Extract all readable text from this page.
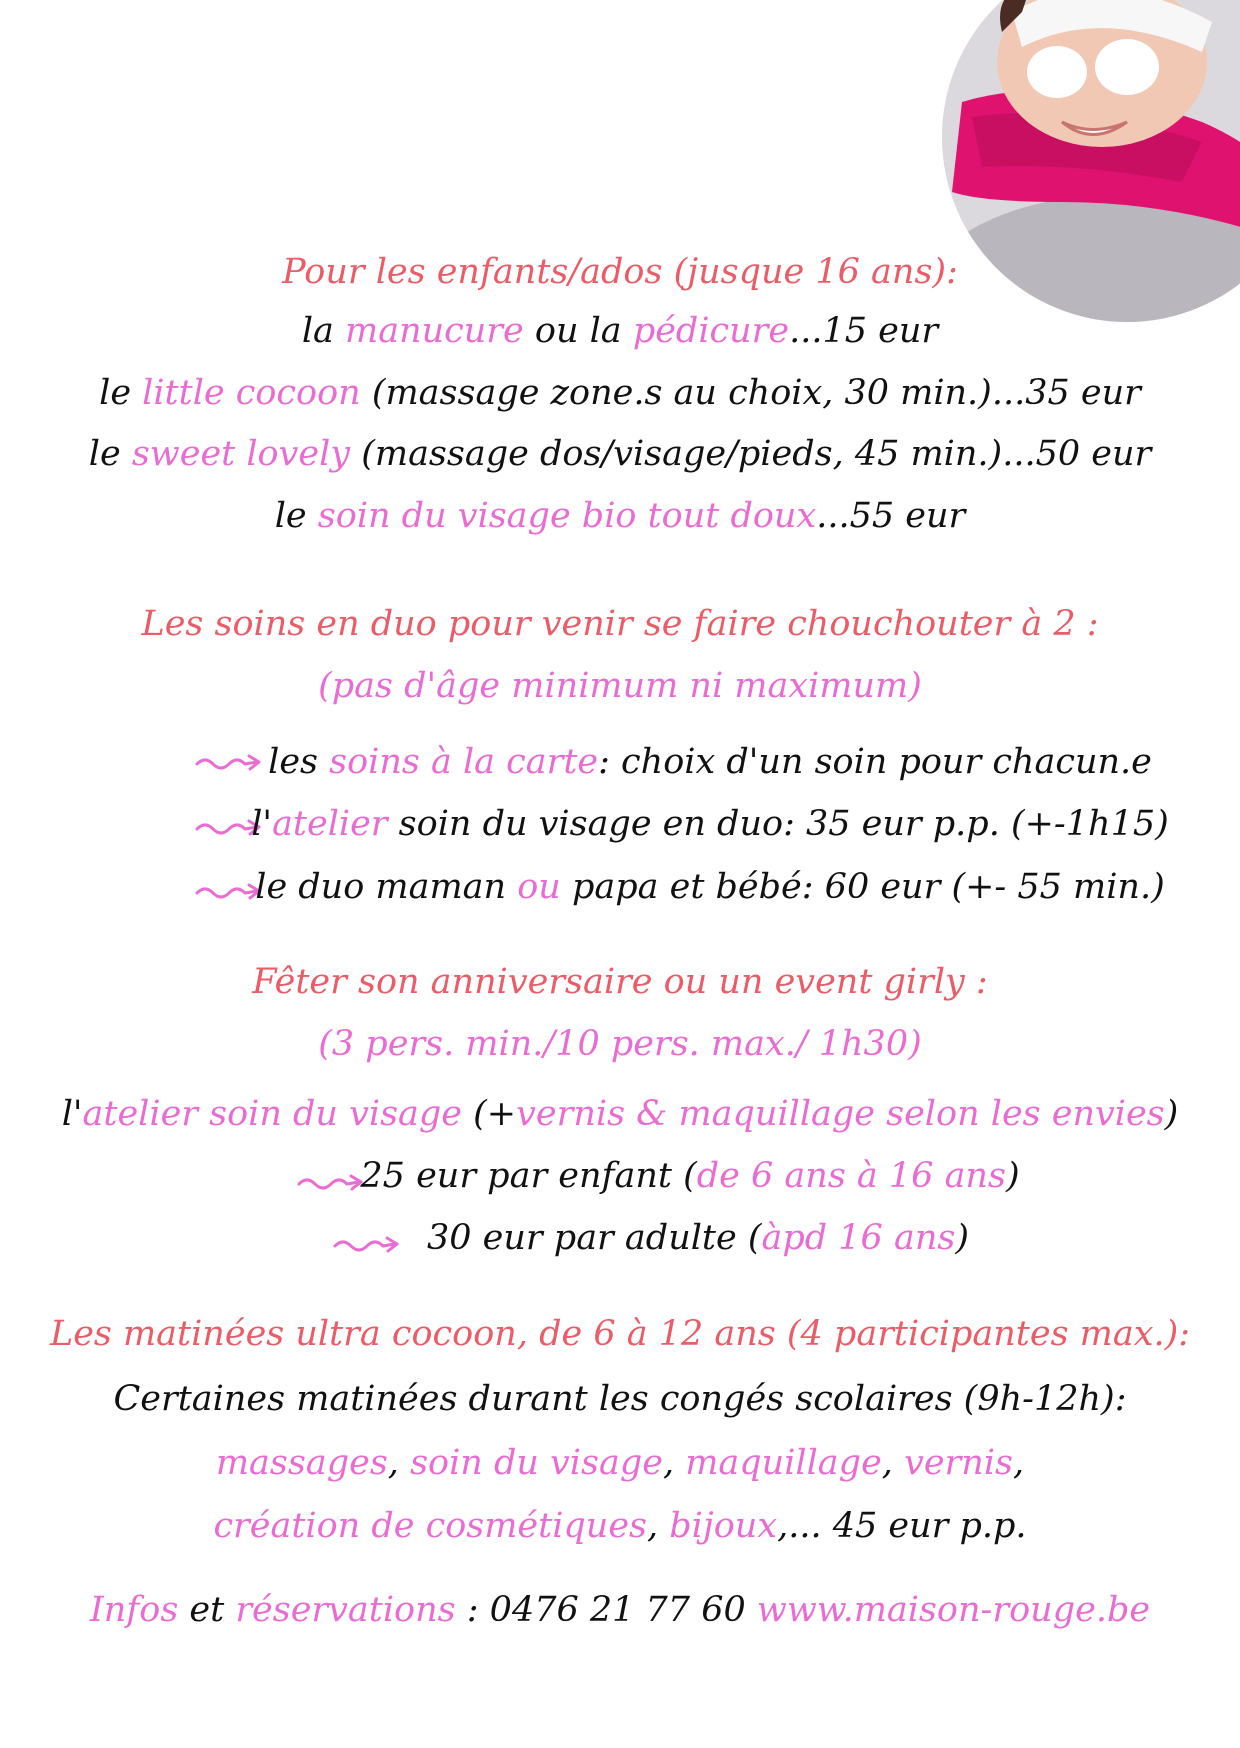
Pour les enfants/ados (jusque 16 ans):
la manucure ou la pédicure...15 eur
le little cocoon (massage zone.s au choix, 30 min.)...35 eur
le sweet lovely (massage dos/visage/pieds, 45 min.)...50 eur
le soin du visage bio tout doux...55 eur
Les soins en duo pour venir se faire chouchouter à 2 :
(pas d'âge minimum ni maximum)
les soins à la carte: choix d'un soin pour chacun.e
l'atelier soin du visage en duo: 35 eur p.p. (+-1h15)
le duo maman ou papa et bébé: 60 eur (+- 55 min.)
Fêter son anniversaire ou un event girly :
(3 pers. min./10 pers. max./ 1h30)
l'atelier soin du visage (+vernis & maquillage selon les envies)
25 eur par enfant (de 6 ans à 16 ans)
30 eur par adulte (àpd 16 ans)
Les matinées ultra cocoon, de 6 à 12 ans (4 participantes max.):
Certaines matinées durant les congés scolaires (9h-12h):
massages, soin du visage, maquillage, vernis,
création de cosmétiques, bijoux,... 45 eur p.p.
Infos et réservations : 0476 21 77 60 www.maison-rouge.be
